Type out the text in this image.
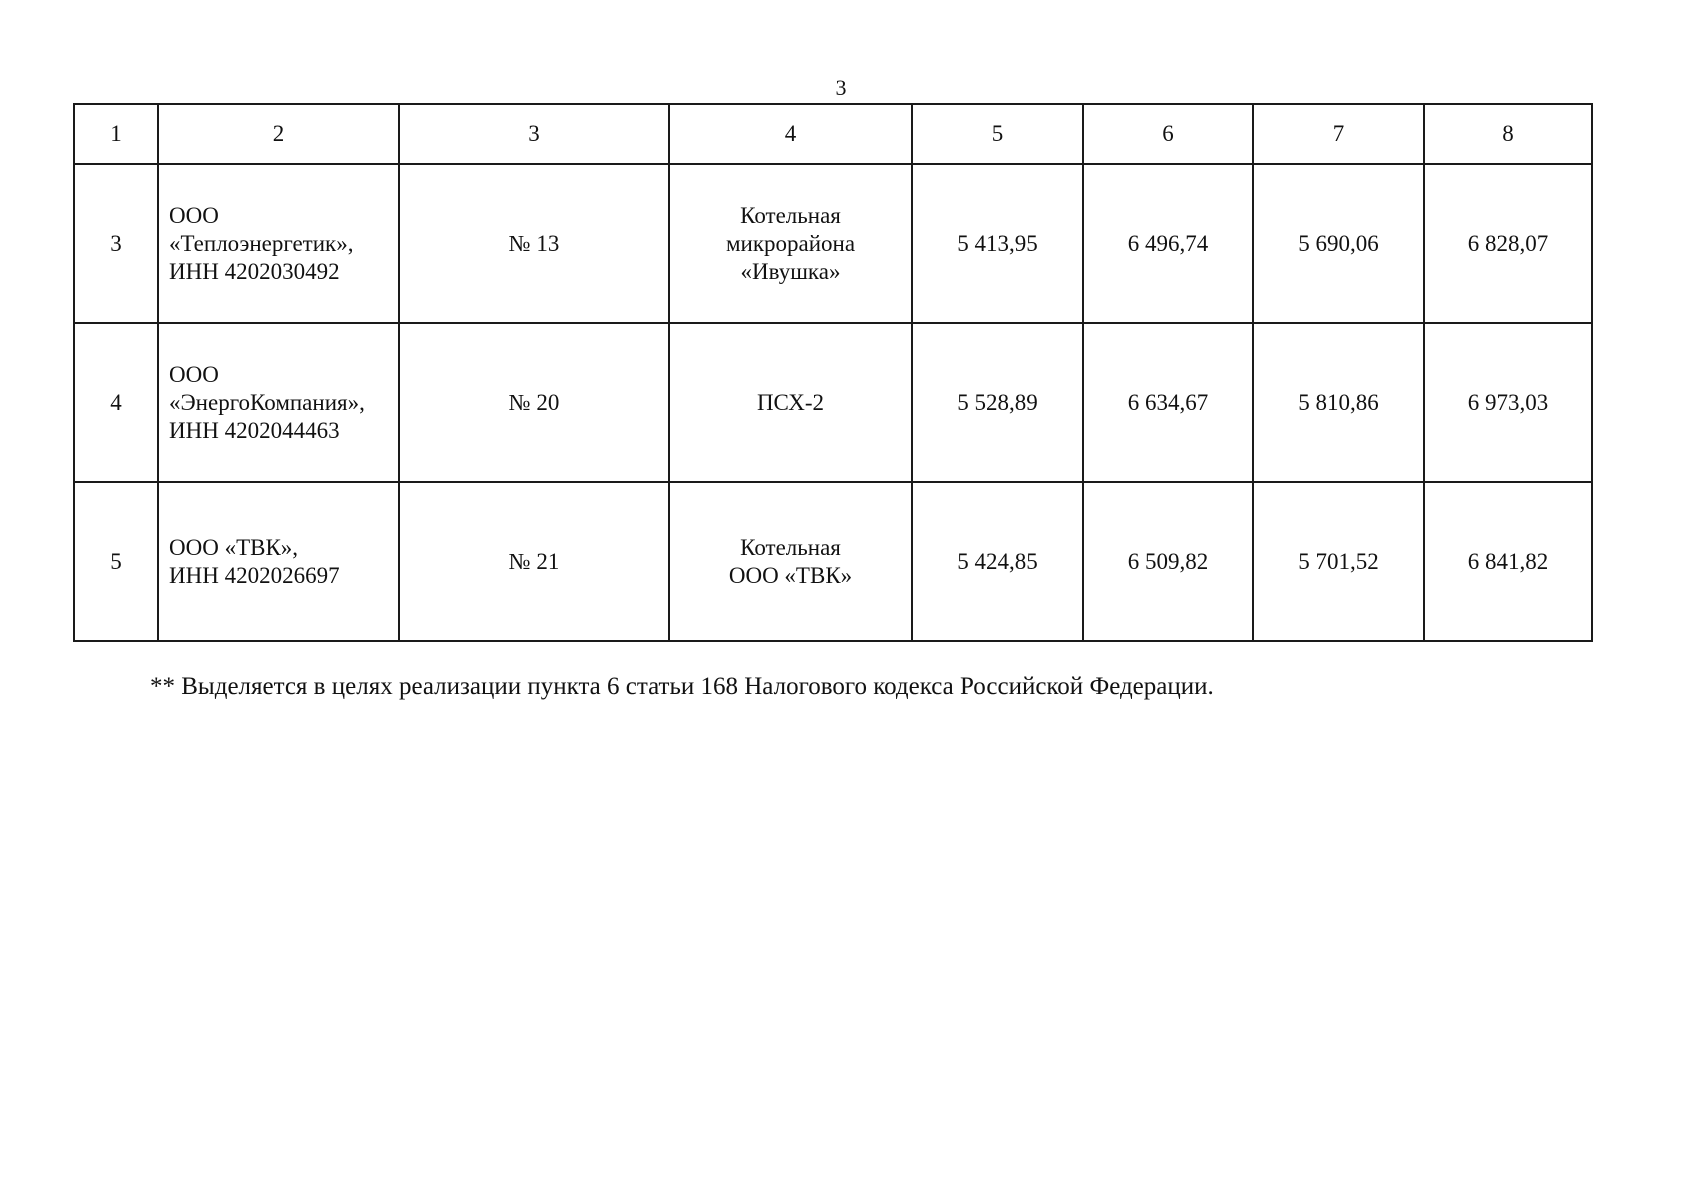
3
1	2	3	4	5	6	7	8
3	ООО
«Теплоэнергетик»,
ИНН 4202030492	№ 13	Котельная
микрорайона
«Ивушка»	5 413,95	6 496,74	5 690,06	6 828,07
4	ООО
«ЭнергоКомпания»,
ИНН 4202044463	№ 20	ПСХ-2	5 528,89	6 634,67	5 810,86	6 973,03
5	ООО «ТВК»,
ИНН 4202026697	№ 21	Котельная
ООО «ТВК»	5 424,85	6 509,82	5 701,52	6 841,82
** Выделяется в целях реализации пункта 6 статьи 168 Налогового кодекса Российской Федерации.
